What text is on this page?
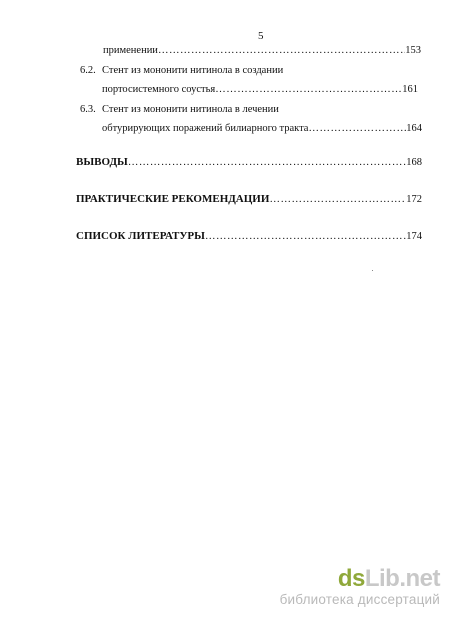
5
применении ………………………………………………………………………………………………………………………………………………………	153
6.2. Стент из мононити нитинола в создании
портосистемного соустья ………………………………………………………………………………………………………………………………………………………	161
6.3. Стент из мононити нитинола в лечении
обтурирующих поражений билиарного тракта ………………………………………………………………………………………………………………………………………………………	164
ВЫВОДЫ ………………………………………………………………………………………………………………………………………………………	168
ПРАКТИЧЕСКИЕ РЕКОМЕНДАЦИИ ………………………………………………………………………………………………………………………………………………………	172
СПИСОК ЛИТЕРАТУРЫ ………………………………………………………………………………………………………………………………………………………	174
dsLib.net
библиотека диссертаций
